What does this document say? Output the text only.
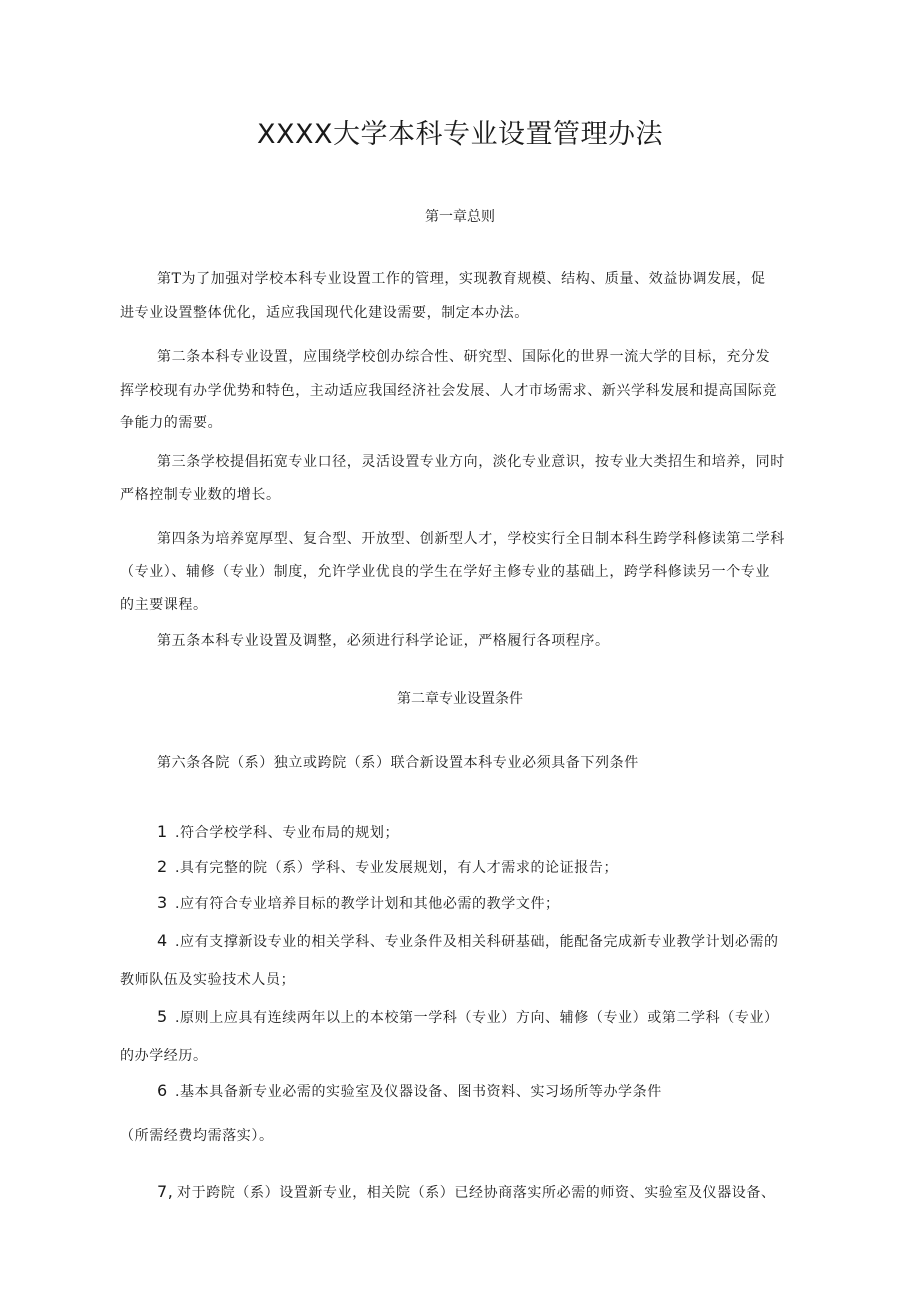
XXXX大学本科专业设置管理办法
第一章总则
第T为了加强对学校本科专业设置工作的管理，实现教育规模、结构、质量、效益协调发展，促
进专业设置整体优化，适应我国现代化建设需要，制定本办法。
第二条本科专业设置，应围绕学校创办综合性、研究型、国际化的世界一流大学的目标，充分发
挥学校现有办学优势和特色，主动适应我国经济社会发展、人才市场需求、新兴学科发展和提高国际竞
争能力的需要。
第三条学校提倡拓宽专业口径，灵活设置专业方向，淡化专业意识，按专业大类招生和培养，同时
严格控制专业数的增长。
第四条为培养宽厚型、复合型、开放型、创新型人才，学校实行全日制本科生跨学科修读第二学科
（专业）、辅修（专业）制度，允许学业优良的学生在学好主修专业的基础上，跨学科修读另一个专业
的主要课程。
第五条本科专业设置及调整，必须进行科学论证，严格履行各项程序。
第二章专业设置条件
第六条各院（系）独立或跨院（系）联合新设置本科专业必须具备下列条件
1 .符合学校学科、专业布局的规划；
2 .具有完整的院（系）学科、专业发展规划，有人才需求的论证报告；
3 .应有符合专业培养目标的教学计划和其他必需的教学文件；
4 .应有支撑新设专业的相关学科、专业条件及相关科研基础，能配备完成新专业教学计划必需的
教师队伍及实验技术人员；
5 .原则上应具有连续两年以上的本校第一学科（专业）方向、辅修（专业）或第二学科（专业）
的办学经历。
6 .基本具备新专业必需的实验室及仪器设备、图书资料、实习场所等办学条件
（所需经费均需落实）。
7, 对于跨院（系）设置新专业，相关院（系）已经协商落实所必需的师资、实验室及仪器设备、
